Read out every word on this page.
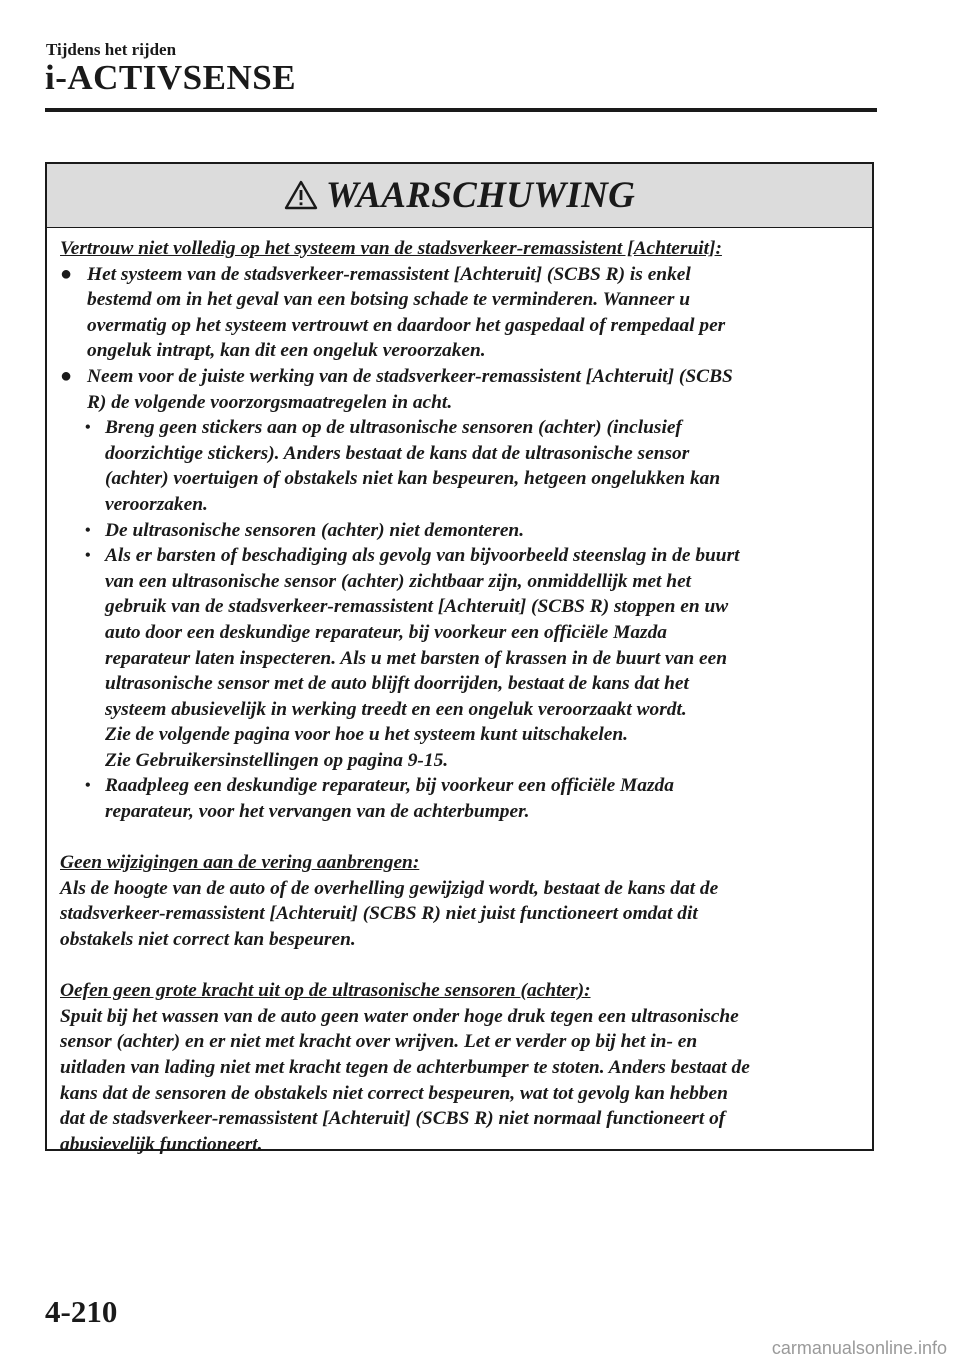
Tijdens het rijden
i-ACTIVSENSE
WAARSCHUWING
Vertrouw niet volledig op het systeem van de stadsverkeer-remassistent [Achteruit]:
● Het systeem van de stadsverkeer-remassistent [Achteruit] (SCBS R) is enkel
bestemd om in het geval van een botsing schade te verminderen. Wanneer u
overmatig op het systeem vertrouwt en daardoor het gaspedaal of rempedaal per
ongeluk intrapt, kan dit een ongeluk veroorzaken.
● Neem voor de juiste werking van de stadsverkeer-remassistent [Achteruit] (SCBS
R) de volgende voorzorgsmaatregelen in acht.
• Breng geen stickers aan op de ultrasonische sensoren (achter) (inclusief
doorzichtige stickers). Anders bestaat de kans dat de ultrasonische sensor
(achter) voertuigen of obstakels niet kan bespeuren, hetgeen ongelukken kan
veroorzaken.
• De ultrasonische sensoren (achter) niet demonteren.
• Als er barsten of beschadiging als gevolg van bijvoorbeeld steenslag in de buurt
van een ultrasonische sensor (achter) zichtbaar zijn, onmiddellijk met het
gebruik van de stadsverkeer-remassistent [Achteruit] (SCBS R) stoppen en uw
auto door een deskundige reparateur, bij voorkeur een officiële Mazda
reparateur laten inspecteren. Als u met barsten of krassen in de buurt van een
ultrasonische sensor met de auto blijft doorrijden, bestaat de kans dat het
systeem abusievelijk in werking treedt en een ongeluk veroorzaakt wordt.
Zie de volgende pagina voor hoe u het systeem kunt uitschakelen.
Zie Gebruikersinstellingen op pagina 9-15.
• Raadpleeg een deskundige reparateur, bij voorkeur een officiële Mazda
reparateur, voor het vervangen van de achterbumper.
Geen wijzigingen aan de vering aanbrengen:
Als de hoogte van de auto of de overhelling gewijzigd wordt, bestaat de kans dat de
stadsverkeer-remassistent [Achteruit] (SCBS R) niet juist functioneert omdat dit
obstakels niet correct kan bespeuren.
Oefen geen grote kracht uit op de ultrasonische sensoren (achter):
Spuit bij het wassen van de auto geen water onder hoge druk tegen een ultrasonische
sensor (achter) en er niet met kracht over wrijven. Let er verder op bij het in- en
uitladen van lading niet met kracht tegen de achterbumper te stoten. Anders bestaat de
kans dat de sensoren de obstakels niet correct bespeuren, wat tot gevolg kan hebben
dat de stadsverkeer-remassistent [Achteruit] (SCBS R) niet normaal functioneert of
abusievelijk functioneert.
4-210
carmanualsonline.info
